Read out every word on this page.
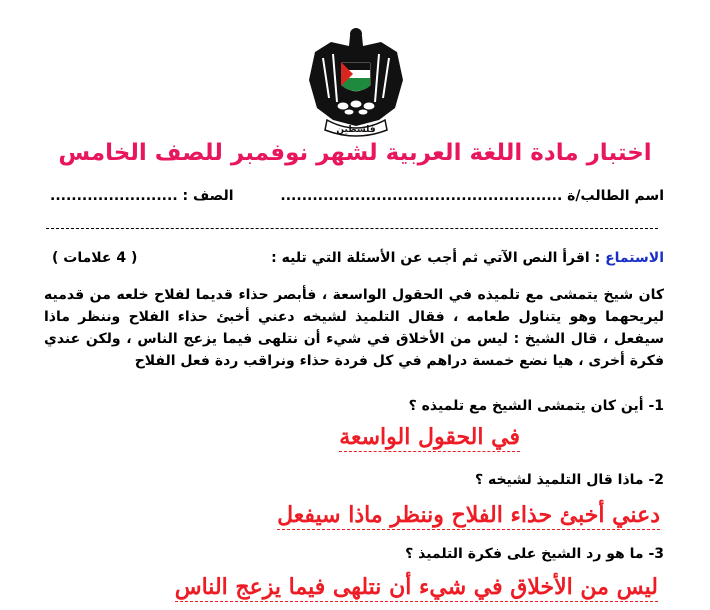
فلسطين
اختبار مادة اللغة العربية لشهر نوفمبر للصف الخامس
اسم الطالب/ة .....................................................
الصف : ........................
الاستماع : اقرأ النص الآتي ثم أجب عن الأسئلة التي تليه :
( 4 علامات )
كان شيخ يتمشى مع تلميذه في الحقول الواسعة ، فأبصر حذاء قديما لفلاح خلعه من قدميه ليريحهما وهو يتناول طعامه ، فقال التلميذ لشيخه دعني أخبئ حذاء الفلاح وننظر ماذا سيفعل ، قال الشيخ : ليس من الأخلاق في شيء أن نتلهى فيما يزعج الناس ، ولكن عندي فكرة أخرى ، هيا نضع خمسة دراهم في كل فردة حذاء ونراقب ردة فعل الفلاح
1- أين كان يتمشى الشيخ مع تلميذه ؟
في الحقول الواسعة
2- ماذا قال التلميذ لشيخه ؟
دعني أخبئ حذاء الفلاح وننظر ماذا سيفعل
3- ما هو رد الشيخ على فكرة التلميذ ؟
ليس من الأخلاق في شيء أن نتلهى فيما يزعج الناس
